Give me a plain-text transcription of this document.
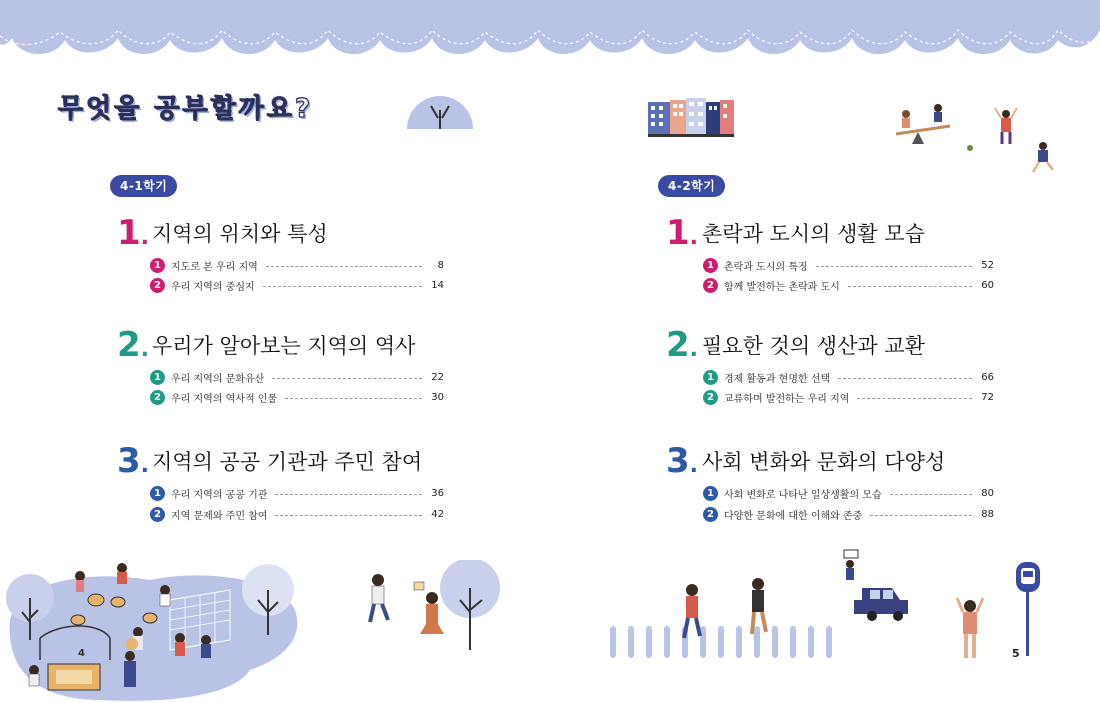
무엇을 공부할까요?
4-1학기
1. 지역의 위치와 특성
1	지도로 본 우리 지역	8
2	우리 지역의 중심지	14
2. 우리가 알아보는 지역의 역사
1	우리 지역의 문화유산	22
2	우리 지역의 역사적 인물	30
3. 지역의 공공 기관과 주민 참여
1	우리 지역의 공공 기관	36
2	지역 문제와 주민 참여	42
4-2학기
1. 촌락과 도시의 생활 모습
1	촌락과 도시의 특징	52
2	함께 발전하는 촌락과 도시	60
2. 필요한 것의 생산과 교환
1	경제 활동과 현명한 선택	66
2	교류하며 발전하는 우리 지역	72
3. 사회 변화와 문화의 다양성
1	사회 변화로 나타난 일상생활의 모습	80
2	다양한 문화에 대한 이해와 존중	88
4	5
